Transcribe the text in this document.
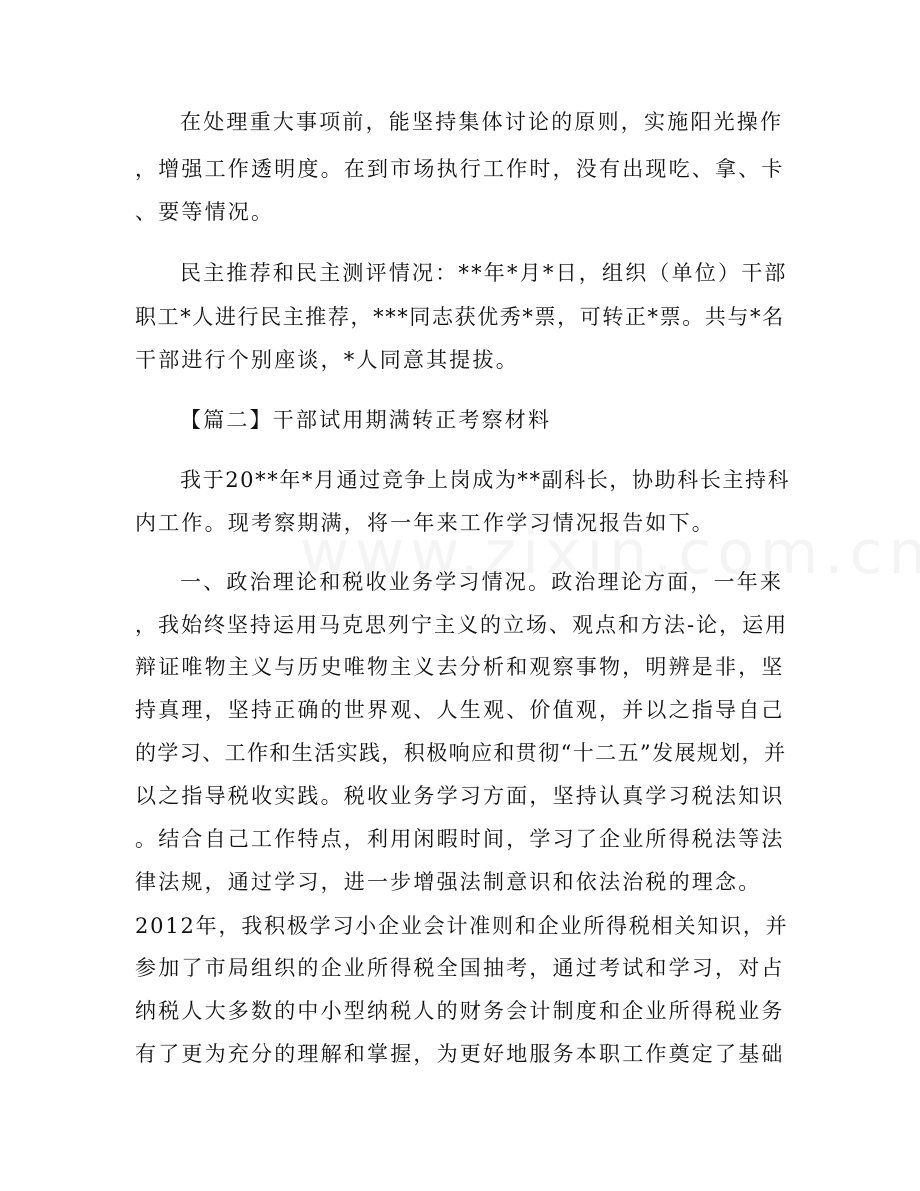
在处理重大事项前，能坚持集体讨论的原则，实施阳光操作
，增强工作透明度。在到市场执行工作时，没有出现吃、拿、卡
、要等情况。
民主推荐和民主测评情况：**年*月*日，组织（单位）干部
职工*人进行民主推荐，***同志获优秀*票，可转正*票。共与*名
干部进行个别座谈，*人同意其提拔。
【篇二】干部试用期满转正考察材料
我于20**年*月通过竞争上岗成为**副科长，协助科长主持科
内工作。现考察期满，将一年来工作学习情况报告如下。
一、政治理论和税收业务学习情况。政治理论方面，一年来
，我始终坚持运用马克思列宁主义的立场、观点和方法-论，运用
辩证唯物主义与历史唯物主义去分析和观察事物，明辨是非，坚
持真理，坚持正确的世界观、人生观、价值观，并以之指导自己
的学习、工作和生活实践，积极响应和贯彻“十二五”发展规划，并
以之指导税收实践。税收业务学习方面，坚持认真学习税法知识
。结合自己工作特点，利用闲暇时间，学习了企业所得税法等法
律法规，通过学习，进一步增强法制意识和依法治税的理念。
2012年，我积极学习小企业会计准则和企业所得税相关知识，并
参加了市局组织的企业所得税全国抽考，通过考试和学习，对占
纳税人大多数的中小型纳税人的财务会计制度和企业所得税业务
有了更为充分的理解和掌握，为更好地服务本职工作奠定了基础
